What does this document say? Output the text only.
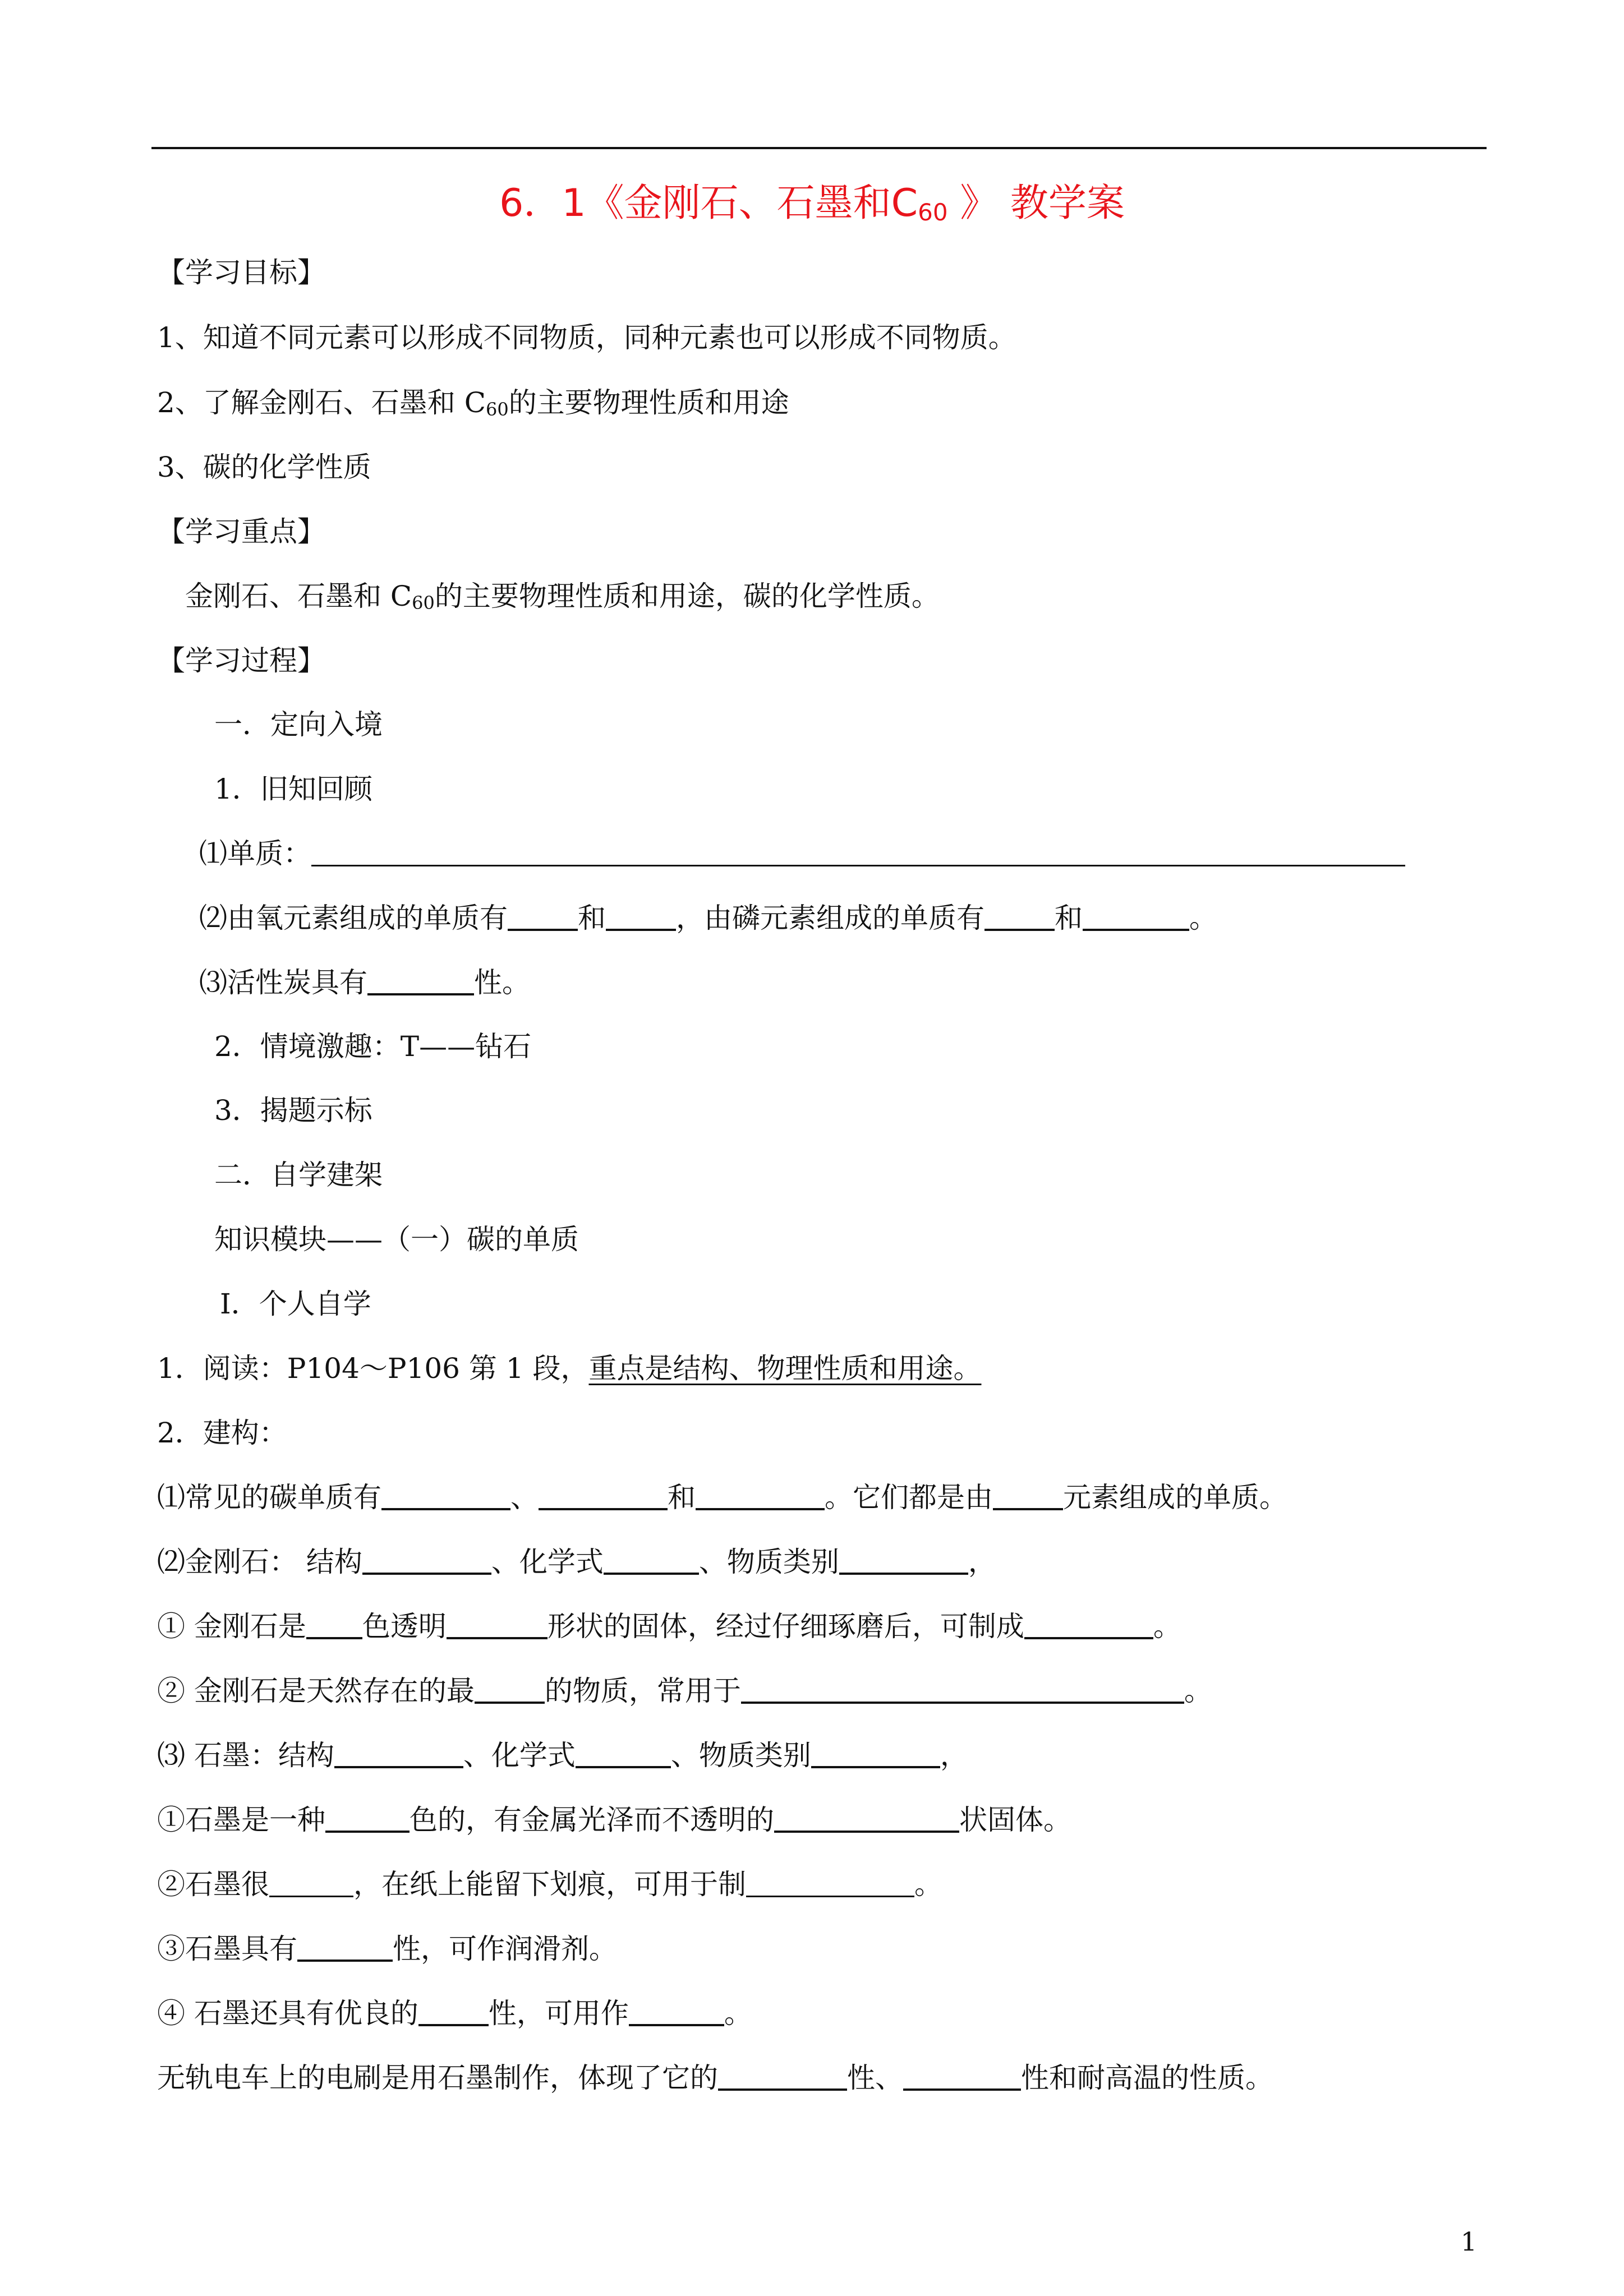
6．1《金刚石、石墨和$C_{60}$ 》 教学案
【学习目标】
1、知道不同元素可以形成不同物质，同种元素也可以形成不同物质。
2、了解金刚石、石墨和 $C_{60}$的主要物理性质和用途
3、碳的化学性质
【学习重点】
金刚石、石墨和 $C_{60}$的主要物理性质和用途，碳的化学性质。
【学习过程】
一．定向入境
1．旧知回顾
⑴单质：
⑵由氧元素组成的单质有	和	，由磷元素组成的单质有	和	。
⑶活性炭具有	性。
2．情境激趣：T——钻石
3．揭题示标
二．自学建架
知识模块——（一）碳的单质
Ⅰ．个人自学
1．阅读：P104～P106 第 1 段，重点是结构、物理性质和用途。
2．建构：
⑴常见的碳单质有	、	和	。它们都是由	元素组成的单质。
⑵金刚石： 结构	、化学式	、物质类别	，
① 金刚石是 色透明	形状的固体，经过仔细琢磨后，可制成	。
② 金刚石是天然存在的最	的物质，常用于	。
⑶ 石墨：结构	、化学式	、物质类别	，
①石墨是一种	色的，有金属光泽而不透明的	状固体。
②石墨很	，在纸上能留下划痕，可用于制	。
③石墨具有	性，可作润滑剂。
④ 石墨还具有优良的	性，可用作	。
无轨电车上的电刷是用石墨制作，体现了它的	性、	性和耐高温的性质。
1
